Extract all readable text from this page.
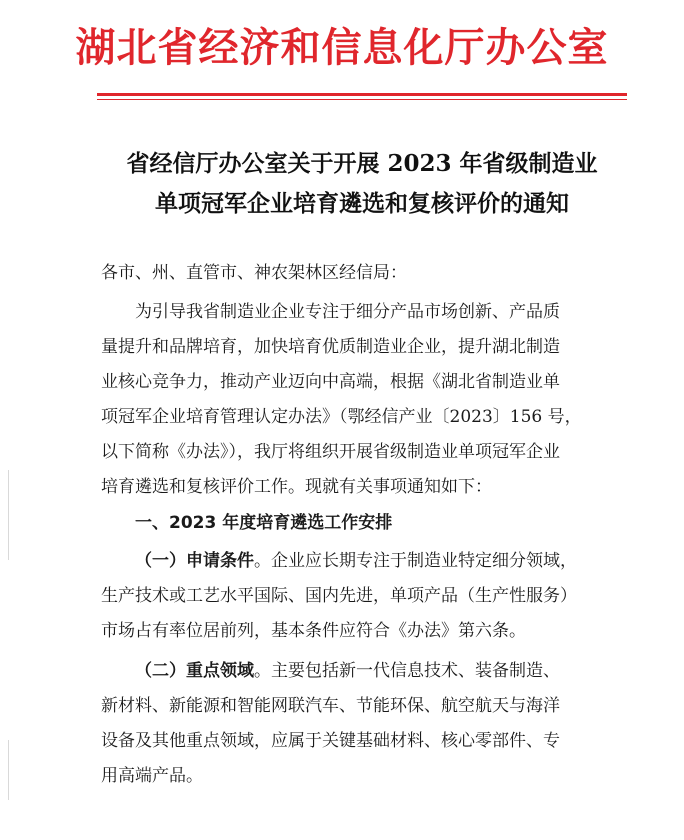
湖北省经济和信息化厅办公室
省经信厅办公室关于开展 2023 年省级制造业
单项冠军企业培育遴选和复核评价的通知
各市、州、直管市、神农架林区经信局：
为引导我省制造业企业专注于细分产品市场创新、产品质
量提升和品牌培育，加快培育优质制造业企业，提升湖北制造
业核心竞争力，推动产业迈向中高端，根据《湖北省制造业单
项冠军企业培育管理认定办法》（鄂经信产业〔2023〕156 号，
以下简称《办法》），我厅将组织开展省级制造业单项冠军企业
培育遴选和复核评价工作。现就有关事项通知如下：
一、2023 年度培育遴选工作安排
（一）申请条件。企业应长期专注于制造业特定细分领域，
生产技术或工艺水平国际、国内先进，单项产品（生产性服务）
市场占有率位居前列，基本条件应符合《办法》第六条。
（二）重点领域。主要包括新一代信息技术、装备制造、
新材料、新能源和智能网联汽车、节能环保、航空航天与海洋
设备及其他重点领域，应属于关键基础材料、核心零部件、专
用高端产品。
